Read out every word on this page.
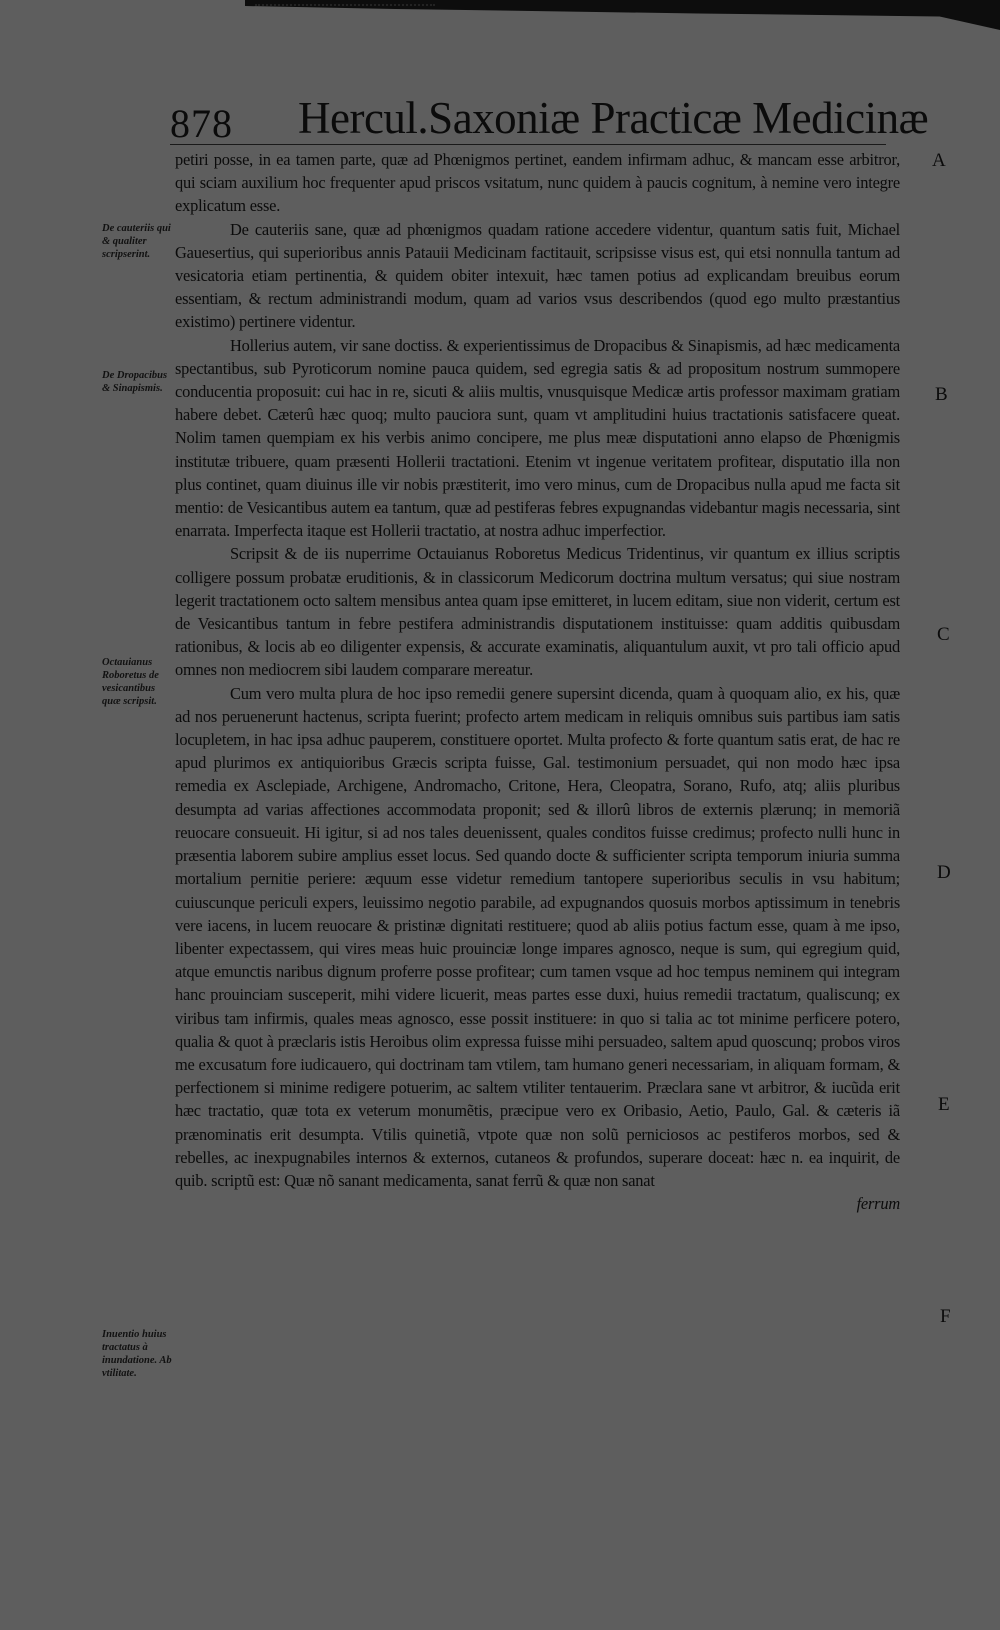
878 Hercul.Saxoniæ Practicæ Medicinæ
De cauteriis qui & qualiter scripserint.
De Dropacibus & Sinapismis.
Octauianus Roboretus de vesicantibus quæ scripsit.
Inuentio huius tractatus à inundatione. Ab vtilitate.
A
B
C
D
E
F

petiri posse, in ea tamen parte, quæ ad Phœnigmos pertinet, eandem infirmam adhuc, & mancam esse arbitror, qui sciam auxilium hoc frequenter apud priscos vsitatum, nunc quidem à paucis cognitum, à nemine vero integre explicatum esse.

De cauteriis sane, quæ ad phœnigmos quadam ratione accedere videntur, quantum satis fuit, Michael Gauesertius, qui superioribus annis Patauii Medicinam factitauit, scripsisse visus est, qui etsi nonnulla tantum ad vesicatoria etiam pertinentia, & quidem obiter intexuit, hæc tamen potius ad explicandam breuibus eorum essentiam, & rectum administrandi modum, quam ad varios vsus describendos (quod ego multo præstantius existimo) pertinere videntur.

Hollerius autem, vir sane doctiss. & experientissimus de Dropacibus & Sinapismis, ad hæc medicamenta spectantibus, sub Pyroticorum nomine pauca quidem, sed egregia satis & ad propositum nostrum summopere conducentia proposuit: cui hac in re, sicuti & aliis multis, vnusquisque Medicæ artis professor maximam gratiam habere debet. Cæterû hæc quoq; multo pauciora sunt, quam vt amplitudini huius tractationis satisfacere queat. Nolim tamen quempiam ex his verbis animo concipere, me plus meæ disputationi anno elapso de Phœnigmis institutæ tribuere, quam præsenti Hollerii tractationi. Etenim vt ingenue veritatem profitear, disputatio illa non plus continet, quam diuinus ille vir nobis præstiterit, imo vero minus, cum de Dropacibus nulla apud me facta sit mentio: de Vesicantibus autem ea tantum, quæ ad pestiferas febres expugnandas videbantur magis necessaria, sint enarrata. Imperfecta itaque est Hollerii tractatio, at nostra adhuc imperfectior.

Scripsit & de iis nuperrime Octauianus Roboretus Medicus Tridentinus, vir quantum ex illius scriptis colligere possum probatæ eruditionis, & in classicorum Medicorum doctrina multum versatus; qui siue nostram legerit tractationem octo saltem mensibus antea quam ipse emitteret, in lucem editam, siue non viderit, certum est de Vesicantibus tantum in febre pestifera administrandis disputationem instituisse: quam additis quibusdam rationibus, & locis ab eo diligenter expensis, & accurate examinatis, aliquantulum auxit, vt pro tali officio apud omnes non mediocrem sibi laudem comparare mereatur.

Cum vero multa plura de hoc ipso remedii genere supersint dicenda, quam à quoquam alio, ex his, quæ ad nos peruenerunt hactenus, scripta fuerint; profecto artem medicam in reliquis omnibus suis partibus iam satis locupletem, in hac ipsa adhuc pauperem, constituere oportet. Multa profecto & forte quantum satis erat, de hac re apud plurimos ex antiquioribus Græcis scripta fuisse, Gal. testimonium persuadet, qui non modo hæc ipsa remedia ex Asclepiade, Archigene, Andromacho, Critone, Hera, Cleopatra, Sorano, Rufo, atq; aliis pluribus desumpta ad varias affectiones accommodata proponit; sed & illorû libros de externis plærunq; in memoriã reuocare consueuit. Hi igitur, si ad nos tales deuenissent, quales conditos fuisse credimus; profecto nulli hunc in præsentia laborem subire amplius esset locus. Sed quando docte & sufficienter scripta temporum iniuria summa mortalium pernitie periere: æquum esse videtur remedium tantopere superioribus seculis in vsu habitum; cuiuscunque periculi expers, leuissimo negotio parabile, ad expugnandos quosuis morbos aptissimum in tenebris vere iacens, in lucem reuocare & pristinæ dignitati restituere; quod ab aliis potius factum esse, quam à me ipso, libenter expectassem, qui vires meas huic prouinciæ longe impares agnosco, neque is sum, qui egregium quid, atque emunctis naribus dignum proferre posse profitear; cum tamen vsque ad hoc tempus neminem qui integram hanc prouinciam susceperit, mihi videre licuerit, meas partes esse duxi, huius remedii tractatum, qualiscunq; ex viribus tam infirmis, quales meas agnosco, esse possit instituere: in quo si talia ac tot minime perficere potero, qualia & quot à præclaris istis Heroibus olim expressa fuisse mihi persuadeo, saltem apud quoscunq; probos viros me excusatum fore iudicauero, qui doctrinam tam vtilem, tam humano generi necessariam, in aliquam formam, & perfectionem si minime redigere potuerim, ac saltem vtiliter tentauerim. Præclara sane vt arbitror, & iucũda erit hæc tractatio, quæ tota ex veterum monumẽtis, præcipue vero ex Oribasio, Aetio, Paulo, Gal. & cæteris iã prænominatis erit desumpta. Vtilis quinetiã, vtpote quæ non solũ perniciosos ac pestiferos morbos, sed & rebelles, ac inexpugnabiles internos & externos, cutaneos & profundos, superare doceat: hæc n. ea inquirit, de quib. scriptũ est: Quæ nõ sanant medicamenta, sanat ferrũ & quæ non sanat

ferrum
